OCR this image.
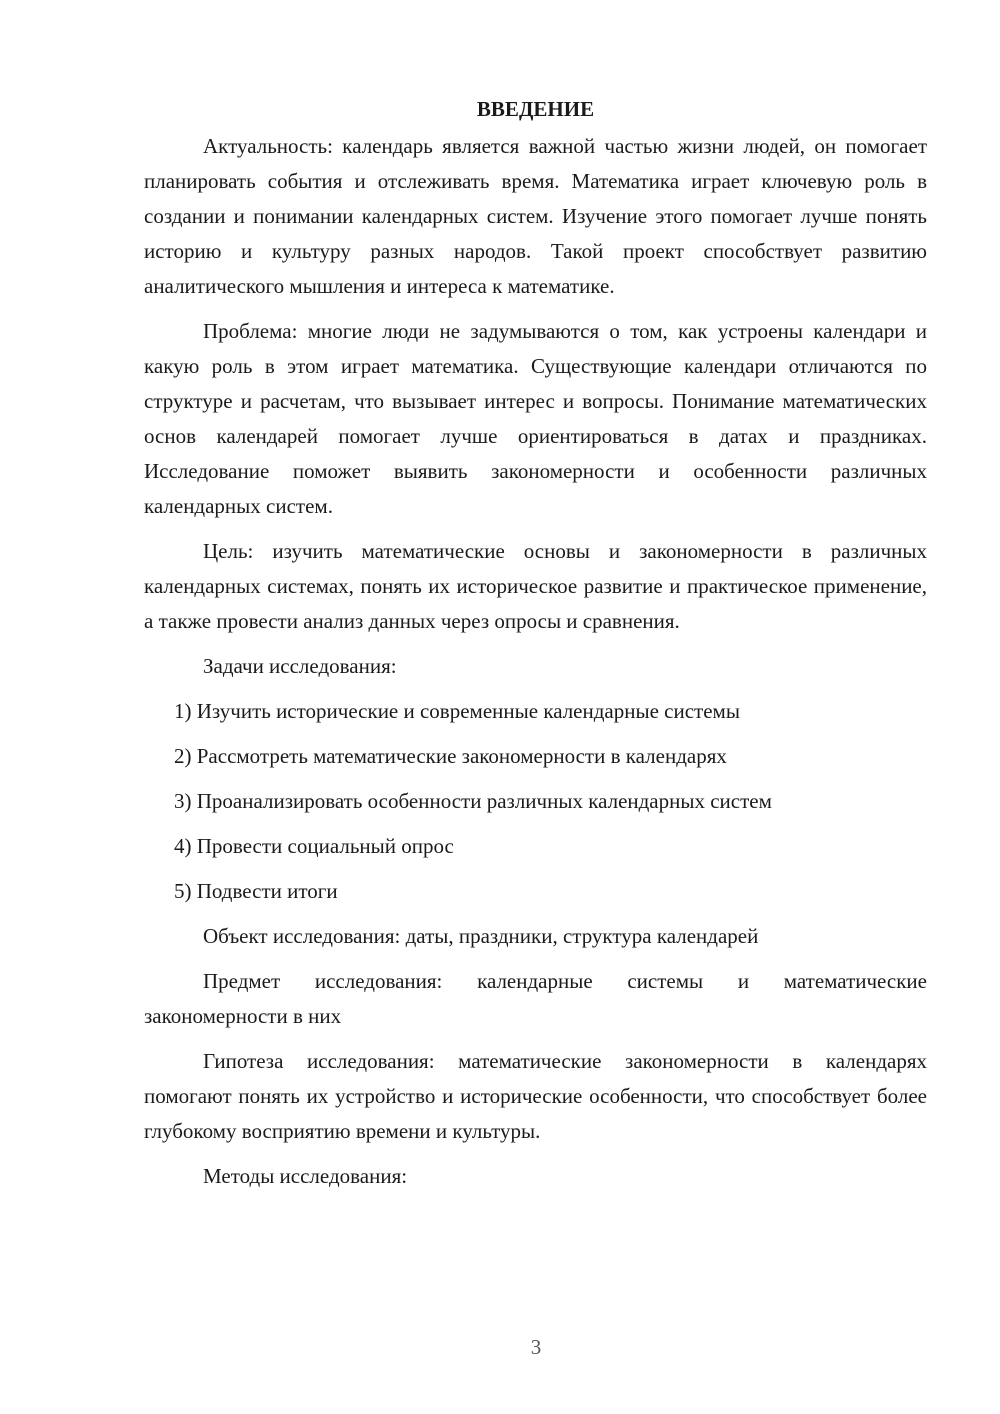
ВВЕДЕНИЕ

Актуальность: календарь является важной частью жизни людей, он помогает планировать события и отслеживать время. Математика играет ключевую роль в создании и понимании календарных систем. Изучение этого помогает лучше понять историю и культуру разных народов. Такой проект способствует развитию аналитического мышления и интереса к математике.

Проблема: многие люди не задумываются о том, как устроены календари и какую роль в этом играет математика. Существующие календари отличаются по структуре и расчетам, что вызывает интерес и вопросы. Понимание математических основ календарей помогает лучше ориентироваться в датах и праздниках. Исследование поможет выявить закономерности и особенности различных календарных систем.

Цель: изучить математические основы и закономерности в различных календарных системах, понять их историческое развитие и практическое применение, а также провести анализ данных через опросы и сравнения.

Задачи исследования:

1) Изучить исторические и современные календарные системы

2) Рассмотреть математические закономерности в календарях

3) Проанализировать особенности различных календарных систем

4) Провести социальный опрос

5) Подвести итоги

Объект исследования: даты, праздники, структура календарей

Предмет исследования: календарные системы и математические закономерности в них

Гипотеза исследования: математические закономерности в календарях помогают понять их устройство и исторические особенности, что способствует более глубокому восприятию времени и культуры.

Методы исследования:

3
